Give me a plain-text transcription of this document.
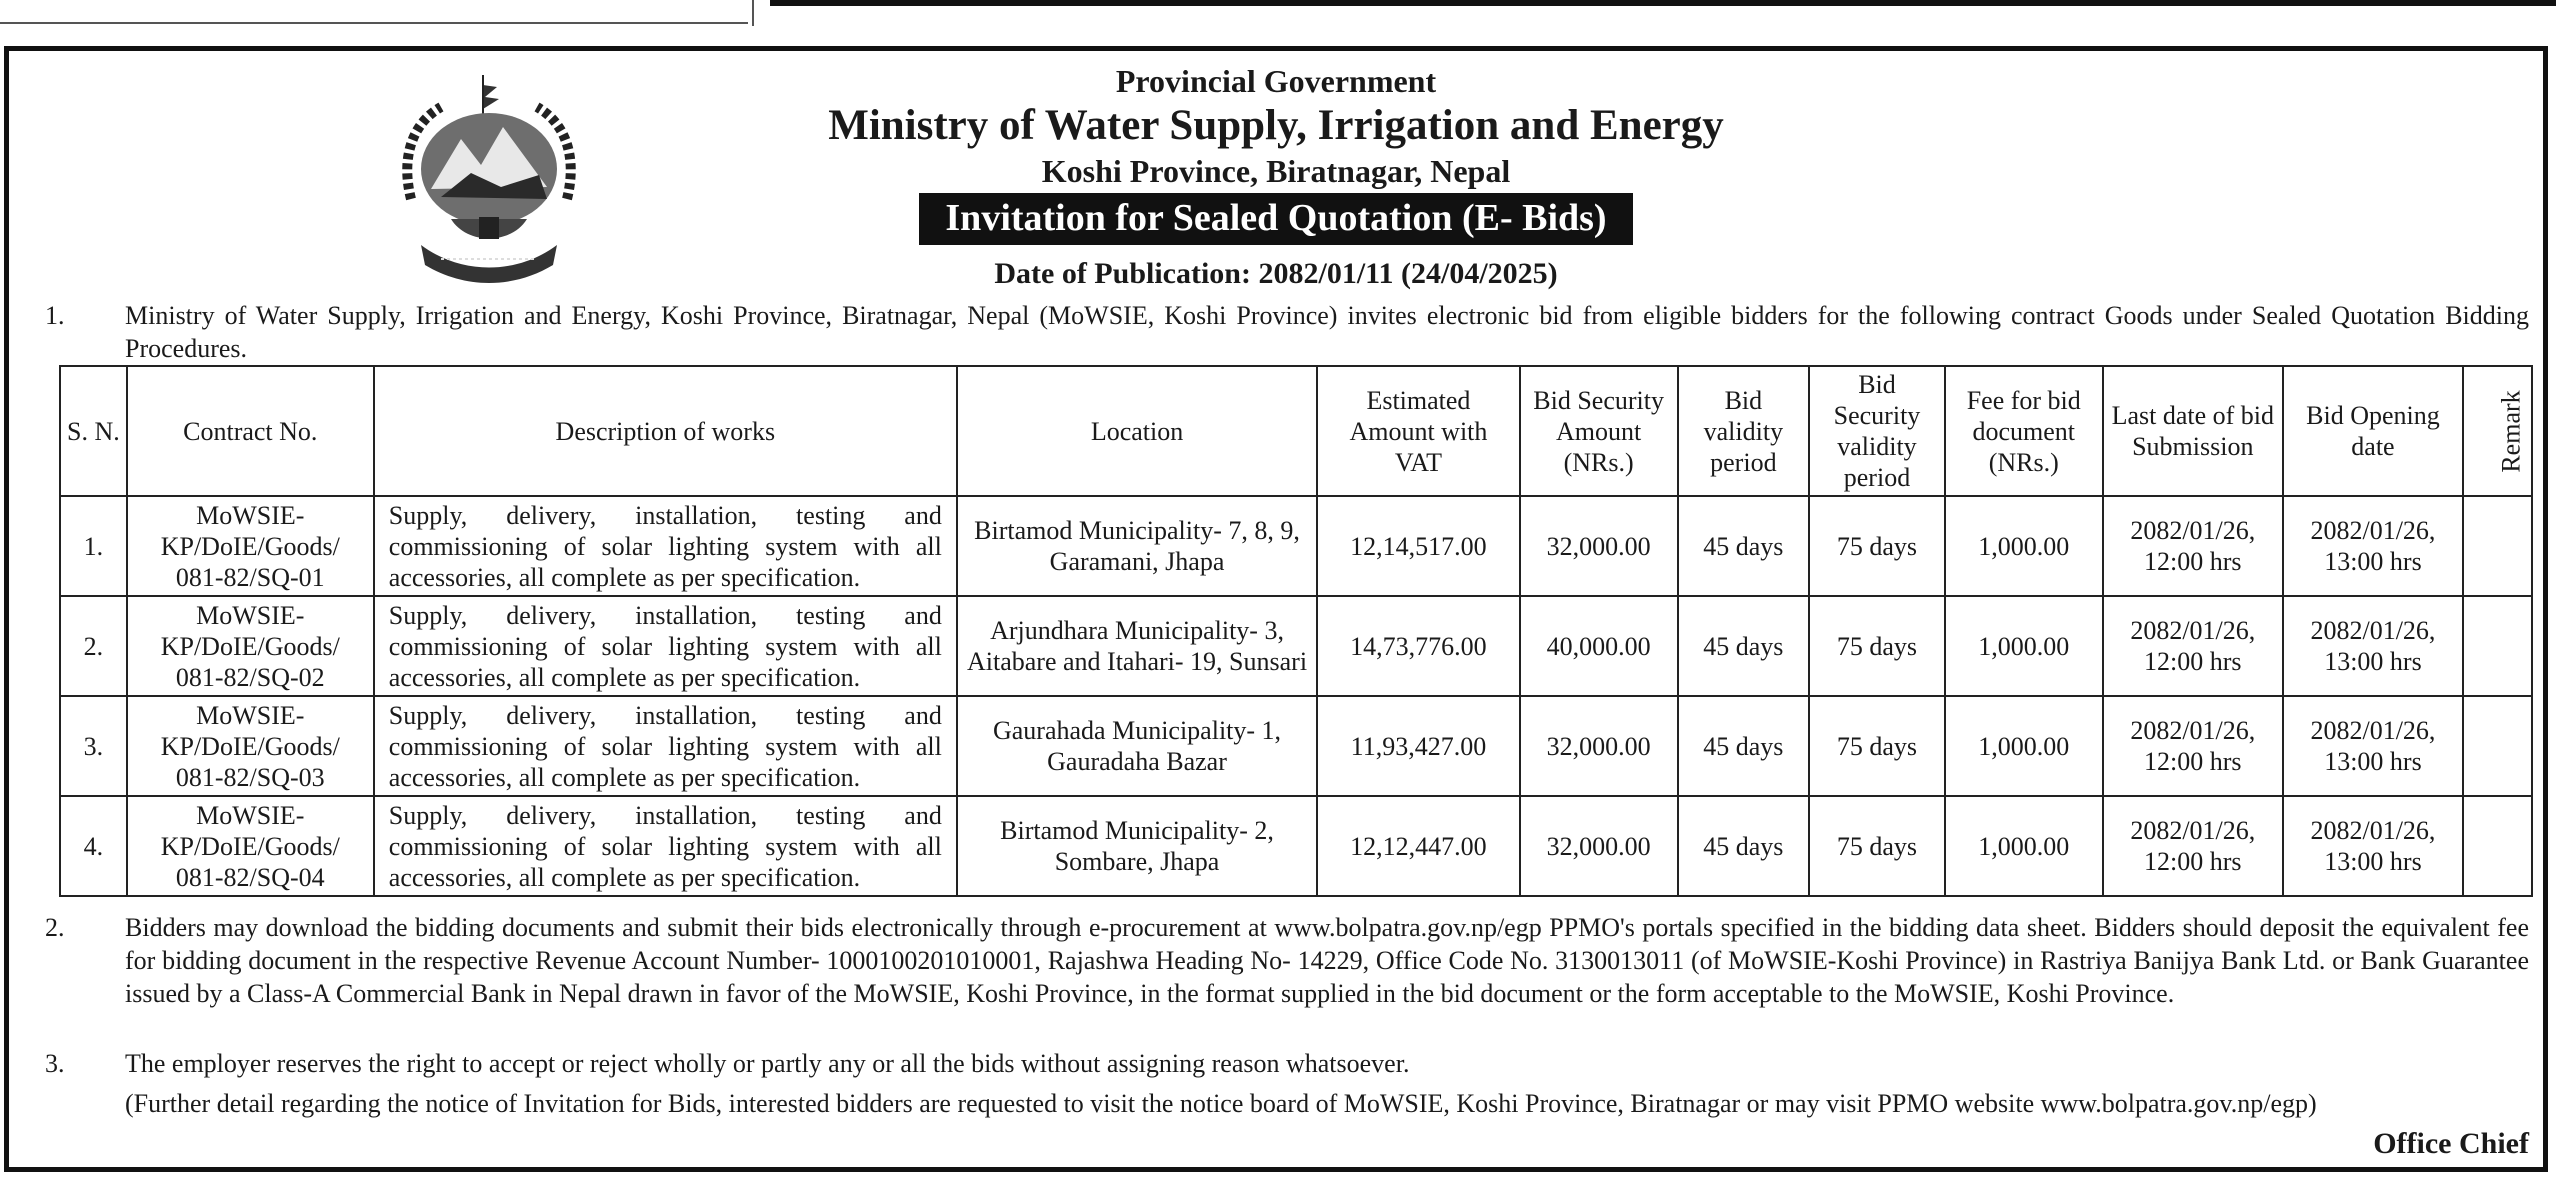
Provincial Government
Ministry of Water Supply, Irrigation and Energy
Koshi Province, Biratnagar, Nepal
Invitation for Sealed Quotation (E- Bids)
Date of Publication: 2082/01/11 (24/04/2025)
1. Ministry of Water Supply, Irrigation and Energy, Koshi Province, Biratnagar, Nepal (MoWSIE, Koshi Province) invites electronic bid from eligible bidders for the following contract Goods under Sealed Quotation Bidding Procedures.
S. N.	Contract No.	Description of works	Location	Estimated Amount with VAT	Bid Security Amount (NRs.)	Bid validity period	Bid Security validity period	Fee for bid document (NRs.)	Last date of bid Submission	Bid Opening date	Remark
1.	MoWSIE-KP/DoIE/Goods/ 081-82/SQ-01	Supply, delivery, installation, testing and commissioning of solar lighting system with all accessories, all complete as per specification.	Birtamod Municipality- 7, 8, 9, Garamani, Jhapa	12,14,517.00	32,000.00	45 days	75 days	1,000.00	2082/01/26, 12:00 hrs	2082/01/26, 13:00 hrs	
2.	MoWSIE-KP/DoIE/Goods/ 081-82/SQ-02	Supply, delivery, installation, testing and commissioning of solar lighting system with all accessories, all complete as per specification.	Arjundhara Municipality- 3, Aitabare and Itahari- 19, Sunsari	14,73,776.00	40,000.00	45 days	75 days	1,000.00	2082/01/26, 12:00 hrs	2082/01/26, 13:00 hrs	
3.	MoWSIE-KP/DoIE/Goods/ 081-82/SQ-03	Supply, delivery, installation, testing and commissioning of solar lighting system with all accessories, all complete as per specification.	Gaurahada Municipality- 1, Gauradaha Bazar	11,93,427.00	32,000.00	45 days	75 days	1,000.00	2082/01/26, 12:00 hrs	2082/01/26, 13:00 hrs	
4.	MoWSIE-KP/DoIE/Goods/ 081-82/SQ-04	Supply, delivery, installation, testing and commissioning of solar lighting system with all accessories, all complete as per specification.	Birtamod Municipality- 2, Sombare, Jhapa	12,12,447.00	32,000.00	45 days	75 days	1,000.00	2082/01/26, 12:00 hrs	2082/01/26, 13:00 hrs	
2. Bidders may download the bidding documents and submit their bids electronically through e-procurement at www.bolpatra.gov.np/egp PPMO's portals specified in the bidding data sheet. Bidders should deposit the equivalent fee for bidding document in the respective Revenue Account Number- 1000100201010001, Rajashwa Heading No- 14229, Office Code No. 3130013011 (of MoWSIE-Koshi Province) in Rastriya Banijya Bank Ltd. or Bank Guarantee issued by a Class-A Commercial Bank in Nepal drawn in favor of the MoWSIE, Koshi Province, in the format supplied in the bid document or the form acceptable to the MoWSIE, Koshi Province.
3. The employer reserves the right to accept or reject wholly or partly any or all the bids without assigning reason whatsoever.
(Further detail regarding the notice of Invitation for Bids, interested bidders are requested to visit the notice board of MoWSIE, Koshi Province, Biratnagar or may visit PPMO website www.bolpatra.gov.np/egp)
Office Chief
